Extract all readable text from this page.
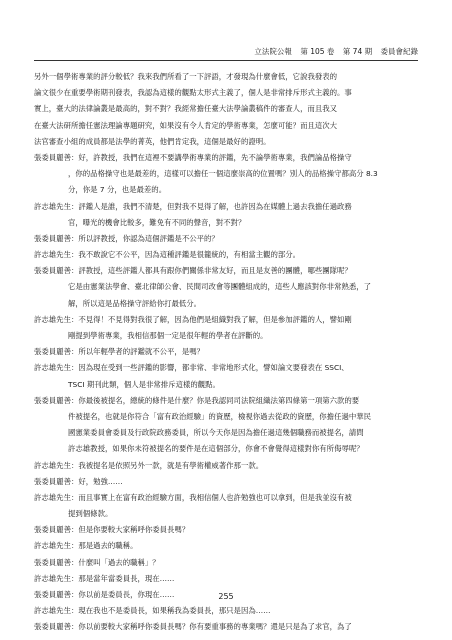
立法院公報 第 105 卷 第 74 期 委員會紀錄
另外一個學術專業的評分較低？我來我們所看了一下評語，才發現為什麼會低，它說我發表的
論文很少在重要學術期刊發表，我認為這樣的觀點太形式主義了，個人是非常排斥形式主義的。事
實上，臺大的法律論叢是最高的，對不對？我經常擔任臺大法學論叢稿件的審查人，而且我又
在臺大法研所擔任憲法理論專題研究，如果沒有令人肯定的學術專業，怎麼可能？而且這次大
法官審查小組的成員都是法學的菁英，他們肯定我，這個是最好的證明。
張委員麗善：好，許教授，我們在這裡不要講學術專業的評鑑，先不論學術專業，我們論品格操守
，你的品格操守也是最差的，這樣可以擔任一個這麼崇高的位置嗎？別人的品格操守都高分 8.3
分，你是 7 分，也是最差的。
許志雄先生：評鑑人是誰，我們不清楚，但對我不見得了解，也許因為在媒體上過去我擔任過政務
官，曝光的機會比較多，難免有不同的聲音，對不對？
張委員麗善：所以評教授，你認為這個評鑑是不公平的？
許志雄先生：我不敢說它不公平，因為這種評鑑是很籠統的，有相當主觀的部分。
張委員麗善：評教授，這些評鑑人都具有跟你們關係非常友好，而且是友善的團體，哪些團隊呢？
它是由憲業法學會、臺北律師公會、民間司改會等團體組成的，這些人應該對你非常熟悉，了
解，所以這是品格操守評給你打最低分。
許志雄先生：不見得！不見得對我很了解，因為他們是組織對我了解，但是參加評鑑的人，譬如剛
剛提到學術專業，我相信那個一定是很年輕的學者在評斷的。
張委員麗善：所以年輕學者的評鑑就不公平，是嗎？
許志雄先生：因為現在受到一些評鑑的影響，都非常、非常地形式化，譬如論文要發表在 SSCI、
TSCI 期刊此類，個人是非常排斥這樣的觀點。
張委員麗善：你最後被提名，總統的條件是什麼？你是我認同司法院組織法第四條第一項第六款的要
件被提名，也就是你符合「富有政治經驗」的資歷，檢視你過去從政的資歷，你擔任過中華民
國憲業委員會委員及行政院政務委員，所以今天你是因為擔任過這幾個職務而被提名，請問
許志雄教授，如果你未符被提名的要件是在這個部分，你會不會覺得這樣對你有所侮辱呢？
許志雄先生：我被提名是依照另外一款，就是有學術權威著作那一款。
張委員麗善：好，勉強……
許志雄先生：而且事實上在富有政治經驗方面，我相信個人也許勉強也可以拿到，但是我並沒有被
提到個條款。
張委員麗善：但是你要較大家稱呼你委員長嗎？
許志雄先生：那是過去的職稱。
張委員麗善：什麼叫「過去的職稱」？
許志雄先生：那是當年當委員長，現在……
張委員麗善：你以前是委員長，你現在……
許志雄先生：現在我也不是委員長，如果稱我為委員長，那只是因為……
張委員麗善：你以前要較大家稱呼你委員長嗎？你有要重事務的專業嗎？還是只是為了求官，為了
255
